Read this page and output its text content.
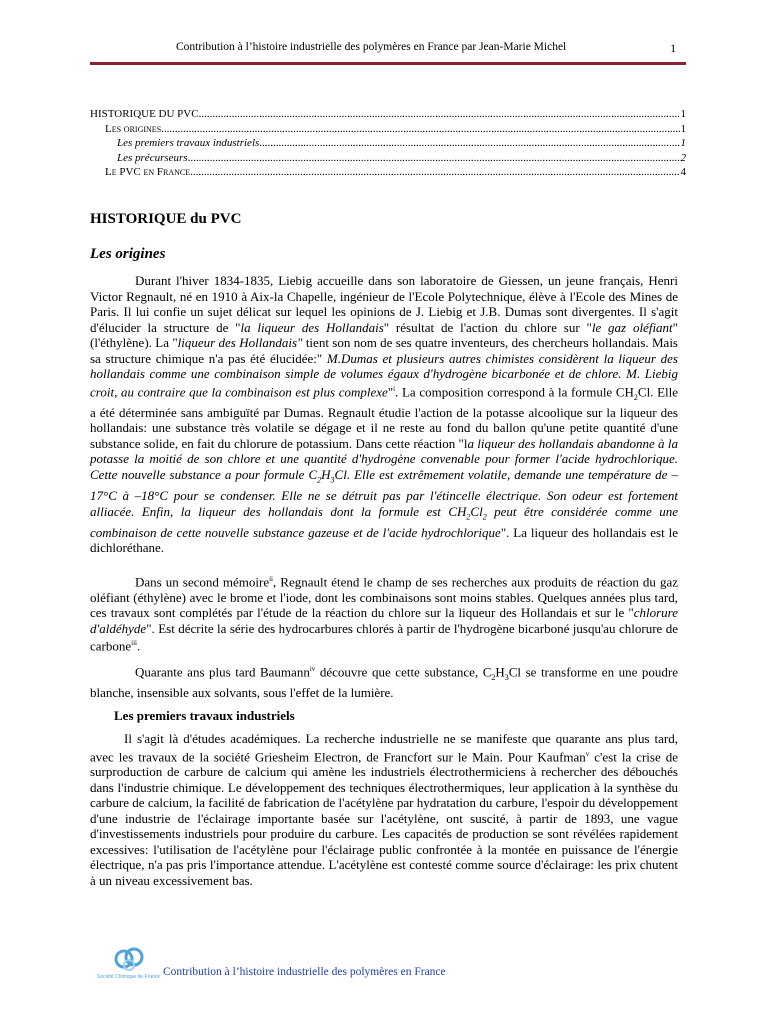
Contribution à l’histoire industrielle des polymères en France par Jean-Marie Michel	1
HISTORIQUE DU PVC .....	1
Les origines .....	1
Les premiers travaux industriels .....	1
Les précurseurs .....	2
Le PVC en France .....	4
HISTORIQUE du PVC
Les origines

Durant l'hiver 1834-1835, Liebig accueille dans son laboratoire de Giessen, un jeune français, Henri Victor Regnault, né en 1910 à Aix-la Chapelle, ingénieur de l'Ecole Polytechnique, élève à l'Ecole des Mines de Paris. Il lui confie un sujet délicat sur lequel les opinions de J. Liebig et J.B. Dumas sont divergentes. Il s'agit d'élucider la structure de "la liqueur des Hollandais" résultat de l'action du chlore sur "le gaz oléfiant" (l'éthylène). La "liqueur des Hollandais" tient son nom de ses quatre inventeurs, des chercheurs hollandais. Mais sa structure chimique n'a pas été élucidée:" M.Dumas et plusieurs autres chimistes considèrent la liqueur des hollandais comme une combinaison simple de volumes égaux d'hydrogène bicarbonée et de chlore. M. Liebig croit, au contraire que la combinaison est plus complexe"$^i$. La composition correspond à la formule $CH_2Cl$. Elle a été déterminée sans ambiguïté par Dumas. Regnault étudie l'action de la potasse alcoolique sur la liqueur des hollandais: une substance très volatile se dégage et il ne reste au fond du ballon qu'une petite quantité d'une substance solide, en fait du chlorure de potassium. Dans cette réaction "la liqueur des hollandais abandonne à la potasse la moitié de son chlore et une quantité d'hydrogène convenable pour former l'acide hydrochlorique. Cette nouvelle substance a pour formule $C_2H_3Cl$. Elle est extrêmement volatile, demande une température de –17°C à –18°C pour se condenser. Elle ne se détruit pas par l'étincelle électrique. Son odeur est fortement alliacée. Enfin, la liqueur des hollandais dont la formule est $CH_2Cl_2$ peut être considérée comme une combinaison de cette nouvelle substance gazeuse et de l'acide hydrochlorique". La liqueur des hollandais est le dichloréthane.

Dans un second mémoire$^{ii}$, Regnault étend le champ de ses recherches aux produits de réaction du gaz oléfiant (éthylène) avec le brome et l'iode, dont les combinaisons sont moins stables. Quelques années plus tard, ces travaux sont complétés par l'étude de la réaction du chlore sur la liqueur des Hollandais et sur le "chlorure d'aldéhyde". Est décrite la série des hydrocarbures chlorés à partir de l'hydrogène bicarboné jusqu'au chlorure de carbone$^{iii}$.

Quarante ans plus tard Baumann$^{iv}$ découvre que cette substance, $C_2H_3Cl$ se transforme en une poudre blanche, insensible aux solvants, sous l'effet de la lumière.

Les premiers travaux industriels

Il s'agit là d'études académiques. La recherche industrielle ne se manifeste que quarante ans plus tard, avec les travaux de la société Griesheim Electron, de Francfort sur le Main. Pour Kaufman$^v$ c'est la crise de surproduction de carbure de calcium qui amène les industriels électrothermiciens à rechercher des débouchés dans l'industrie chimique. Le développement des techniques électrothermiques, leur application à la synthèse du carbure de calcium, la facilité de fabrication de l'acétylène par hydratation du carbure, l'espoir du développement d'une industrie de l'éclairage importante basée sur l'acétylène, ont suscité, à partir de 1893, une vague d'investissements industriels pour produire du carbure. Les capacités de production se sont révélées rapidement excessives: l'utilisation de l'acétylène pour l'éclairage public confrontée à la montée en puissance de l'énergie électrique, n'a pas pris l'importance attendue. L'acétylène est contesté comme source d'éclairage: les prix chutent à un niveau excessivement bas.

Société Chimique de France Contribution à l’histoire industrielle des polymères en France
